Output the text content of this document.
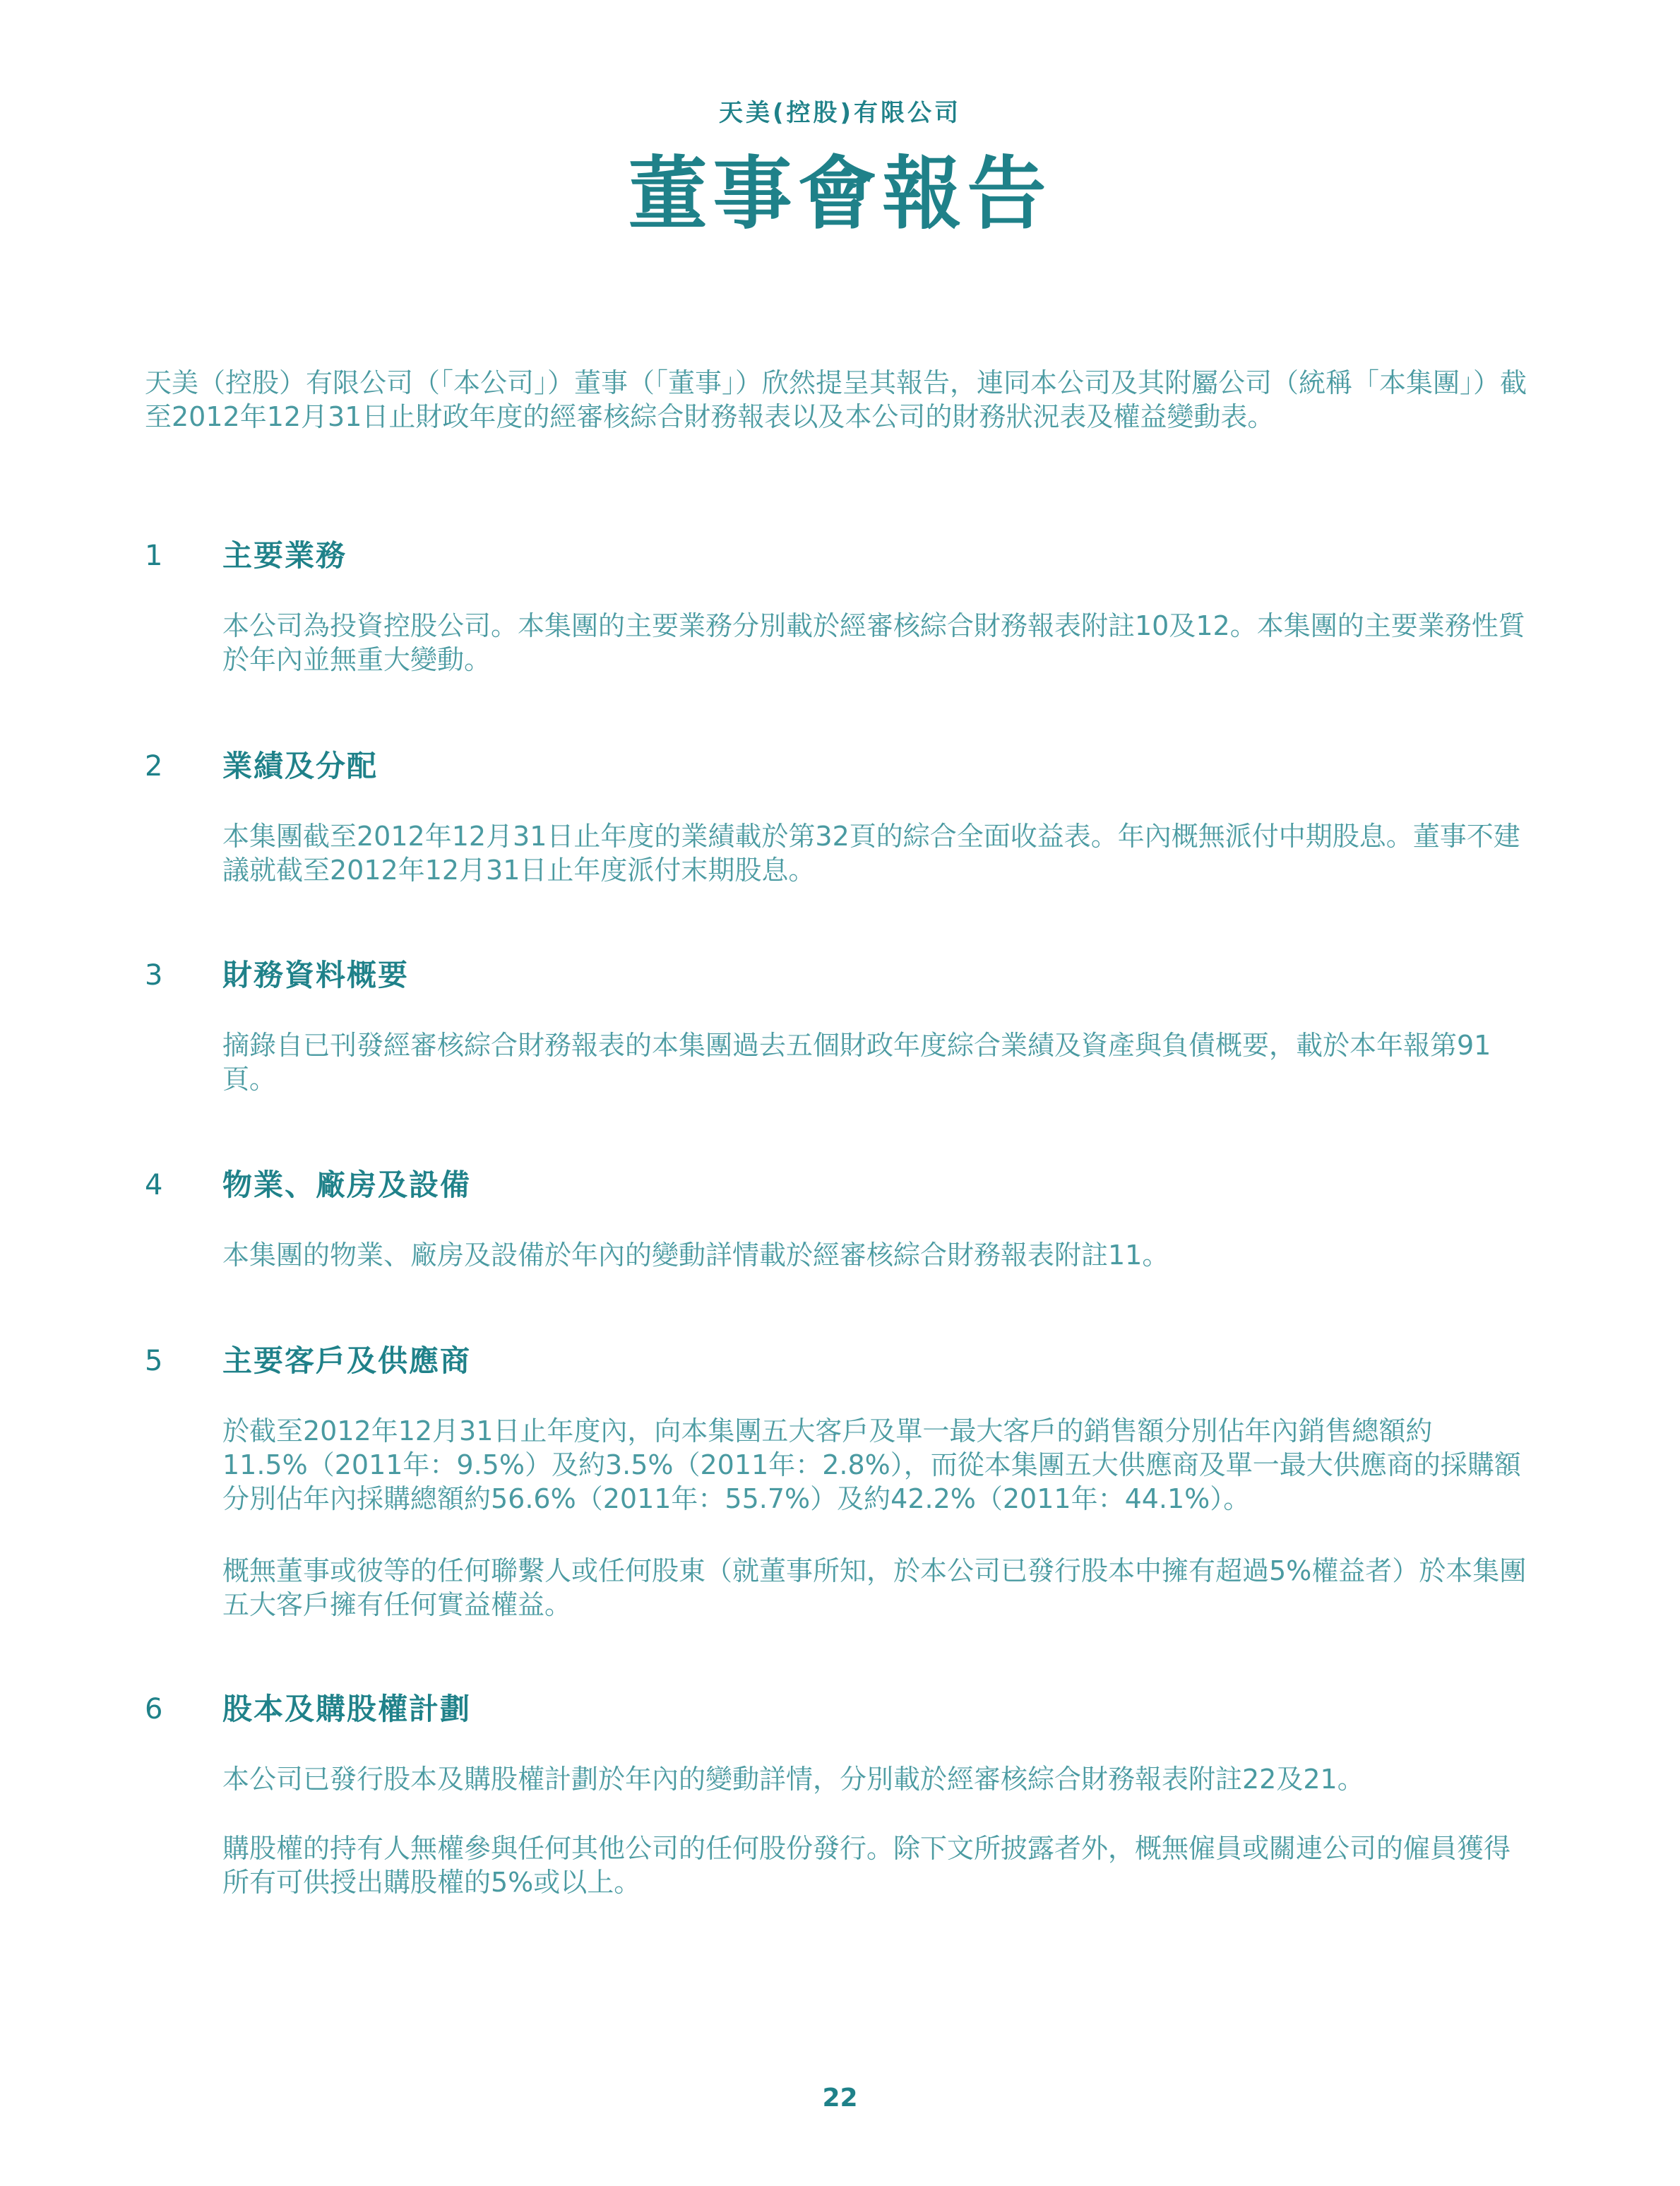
天美(控股)有限公司
董事會報告
天美（控股）有限公司（「本公司」）董事（「董事」）欣然提呈其報告，連同本公司及其附屬公司（統稱「本集團」）截至2012年12月31日止財政年度的經審核綜合財務報表以及本公司的財務狀況表及權益變動表。
1 主要業務
本公司為投資控股公司。本集團的主要業務分別載於經審核綜合財務報表附註10及12。本集團的主要業務性質於年內並無重大變動。
2 業績及分配
本集團截至2012年12月31日止年度的業績載於第32頁的綜合全面收益表。年內概無派付中期股息。董事不建議就截至2012年12月31日止年度派付末期股息。
3 財務資料概要
摘錄自已刊發經審核綜合財務報表的本集團過去五個財政年度綜合業績及資產與負債概要，載於本年報第91頁。
4 物業、廠房及設備
本集團的物業、廠房及設備於年內的變動詳情載於經審核綜合財務報表附註11。
5 主要客戶及供應商
於截至2012年12月31日止年度內，向本集團五大客戶及單一最大客戶的銷售額分別佔年內銷售總額約11.5%（2011年：9.5%）及約3.5%（2011年：2.8%），而從本集團五大供應商及單一最大供應商的採購額分別佔年內採購總額約56.6%（2011年：55.7%）及約42.2%（2011年：44.1%）。
概無董事或彼等的任何聯繫人或任何股東（就董事所知，於本公司已發行股本中擁有超過5%權益者）於本集團五大客戶擁有任何實益權益。
6 股本及購股權計劃
本公司已發行股本及購股權計劃於年內的變動詳情，分別載於經審核綜合財務報表附註22及21。
購股權的持有人無權參與任何其他公司的任何股份發行。除下文所披露者外，概無僱員或關連公司的僱員獲得所有可供授出購股權的5%或以上。
22
